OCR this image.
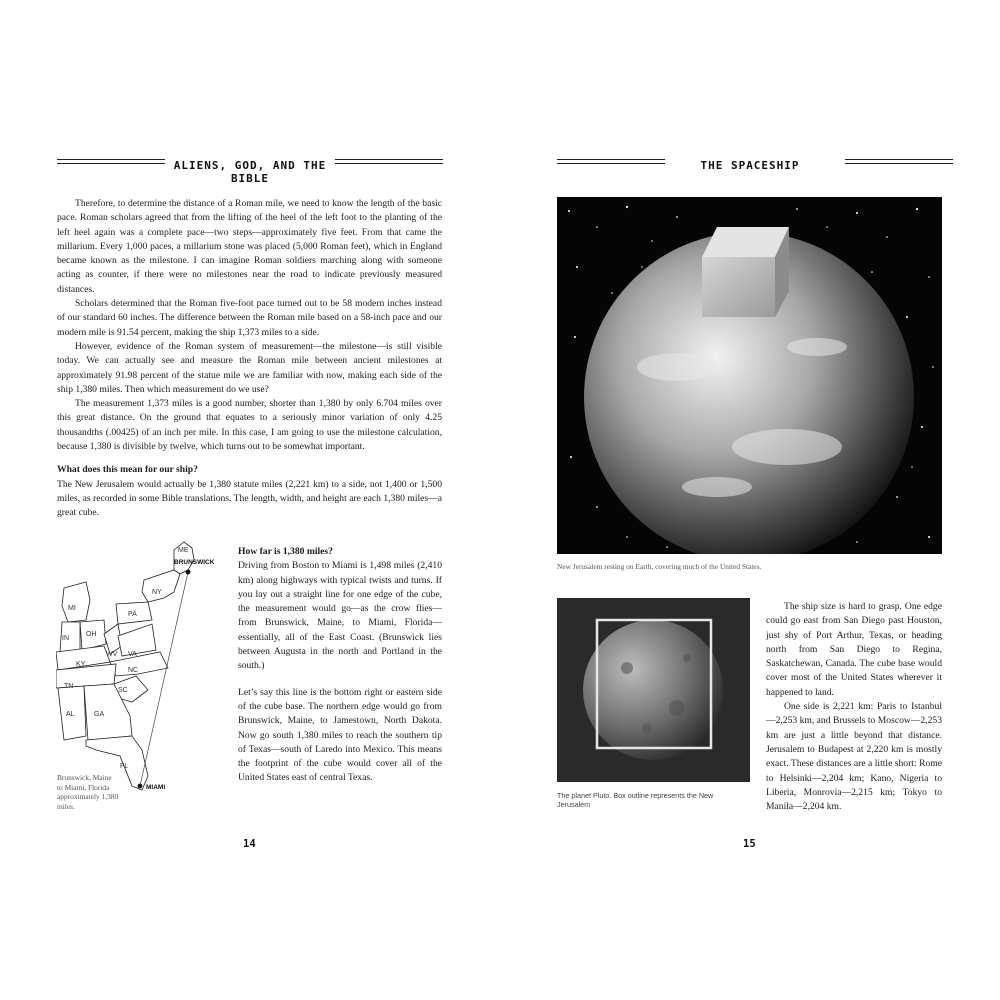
ALIENS, GOD, AND THE BIBLE

Therefore, to determine the distance of a Roman mile, we need to know the length of the basic pace. Roman scholars agreed that from the lifting of the heel of the left foot to the planting of the left heel again was a complete pace—two steps—approximately five feet. From that came the millarium. Every 1,000 paces, a millarium stone was placed (5,000 Roman feet), which in England became known as the milestone. I can imagine Roman soldiers marching along with someone acting as counter, if there were no milestones near the road to indicate previously measured distances.

Scholars determined that the Roman five-foot pace turned out to be 58 modern inches instead of our standard 60 inches. The difference between the Roman mile based on a 58-inch pace and our modern mile is 91.54 percent, making the ship 1,373 miles to a side.

However, evidence of the Roman system of measurement—the milestone—is still visible today. We can actually see and measure the Roman mile between ancient milestones at approximately 91.98 percent of the statue mile we are familiar with now, making each side of the ship 1,380 miles. Then which measurement do we use?

The measurement 1,373 miles is a good number, shorter than 1,380 by only 6.704 miles over this great distance. On the ground that equates to a seriously minor variation of only 4.25 thousandths (.00425) of an inch per mile. In this case, I am going to use the milestone calculation, because 1,380 is divisible by twelve, which turns out to be somewhat important.

What does this mean for our ship?

The New Jerusalem would actually be 1,380 statute miles (2,221 km) to a side, not 1,400 or 1,500 miles, as recorded in some Bible translations. The length, width, and height are each 1,380 miles—a great cube.

ME
NY
MI
PA
IN
OH
WV VA
KY
NC
TN
SC
AL	GA
FL
BRUNSWICK
MIAMI
Brunswick, Maine to Miami, Florida approximately 1,380 miles.

How far is 1,380 miles?

Driving from Boston to Miami is 1,498 miles (2,410 km) along highways with typical twists and turns. If you lay out a straight line for one edge of the cube, the measurement would go—as the crow flies—from Brunswick, Maine, to Miami, Florida—essentially, all of the East Coast. (Brunswick lies between Augusta in the north and Portland in the south.)

Let’s say this line is the bottom right or eastern side of the cube base. The northern edge would go from Brunswick, Maine, to Jamestown, North Dakota. Now go south 1,380 miles to reach the southern tip of Texas—south of Laredo into Mexico. This means the footprint of the cube would cover all of the United States east of central Texas.

14
THE SPACESHIP
15
New Jerusalem resting on Earth, covering much of the United States.
The planet Pluto. Box outline represents the New Jerusalem

The ship size is hard to grasp. One edge could go east from San Diego past Houston, just shy of Port Arthur, Texas, or heading north from San Diego to Regina, Saskatchewan, Canada. The cube base would cover most of the United States wherever it happened to land.

One side is 2,221 km: Paris to Istanbul—2,253 km, and Brussels to Moscow—2,253 km are just a little beyond that distance. Jerusalem to Budapest at 2,220 km is mostly exact. These distances are a little short: Rome to Helsinki—2,204 km; Kano, Nigeria to Liberia, Monrovia—2,215 km; Tokyo to Manila—2,204 km.
